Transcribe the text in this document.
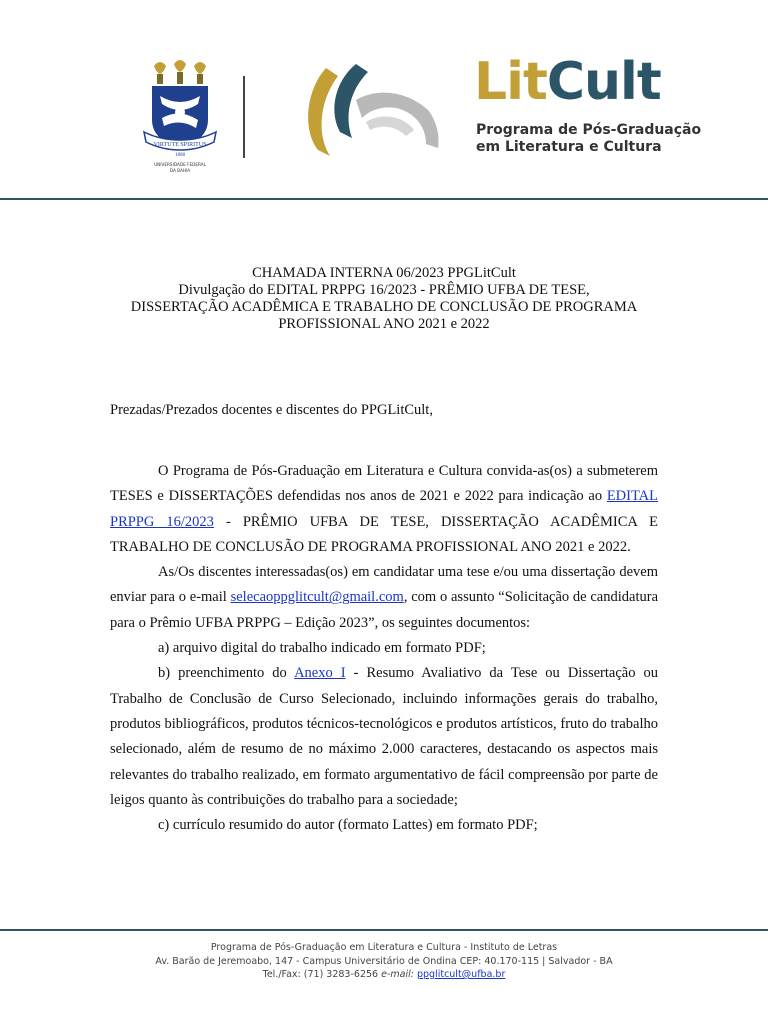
VIRTUTE SPIRITUS
1808
UNIVERSIDADE FEDERAL
DA BAHIA
LitCult
Programa de Pós-Graduação
em Literatura e Cultura
CHAMADA INTERNA 06/2023 PPGLitCult
Divulgação do EDITAL PRPPG 16/2023 - PRÊMIO UFBA DE TESE,
DISSERTAÇÃO ACADÊMICA E TRABALHO DE CONCLUSÃO DE PROGRAMA
PROFISSIONAL ANO 2021 e 2022
Prezadas/Prezados docentes e discentes do PPGLitCult,

O Programa de Pós-Graduação em Literatura e Cultura convida-as(os) a submeterem TESES e DISSERTAÇÕES defendidas nos anos de 2021 e 2022 para indicação ao EDITAL PRPPG 16/2023 - PRÊMIO UFBA DE TESE, DISSERTAÇÃO ACADÊMICA E TRABALHO DE CONCLUSÃO DE PROGRAMA PROFISSIONAL ANO 2021 e 2022.

As/Os discentes interessadas(os) em candidatar uma tese e/ou uma dissertação devem enviar para o e-mail selecaoppglitcult@gmail.com, com o assunto “Solicitação de candidatura para o Prêmio UFBA PRPPG – Edição 2023”, os seguintes documentos:

a) arquivo digital do trabalho indicado em formato PDF;

b) preenchimento do Anexo I - Resumo Avaliativo da Tese ou Dissertação ou Trabalho de Conclusão de Curso Selecionado, incluindo informações gerais do trabalho, produtos bibliográficos, produtos técnicos-tecnológicos e produtos artísticos, fruto do trabalho selecionado, além de resumo de no máximo 2.000 caracteres, destacando os aspectos mais relevantes do trabalho realizado, em formato argumentativo de fácil compreensão por parte de leigos quanto às contribuições do trabalho para a sociedade;

c) currículo resumido do autor (formato Lattes) em formato PDF;

Programa de Pós-Graduação em Literatura e Cultura - Instituto de Letras
Av. Barão de Jeremoabo, 147 - Campus Universitário de Ondina CEP: 40.170-115 | Salvador - BA
Tel./Fax: (71) 3283-6256 e-mail: ppglitcult@ufba.br
